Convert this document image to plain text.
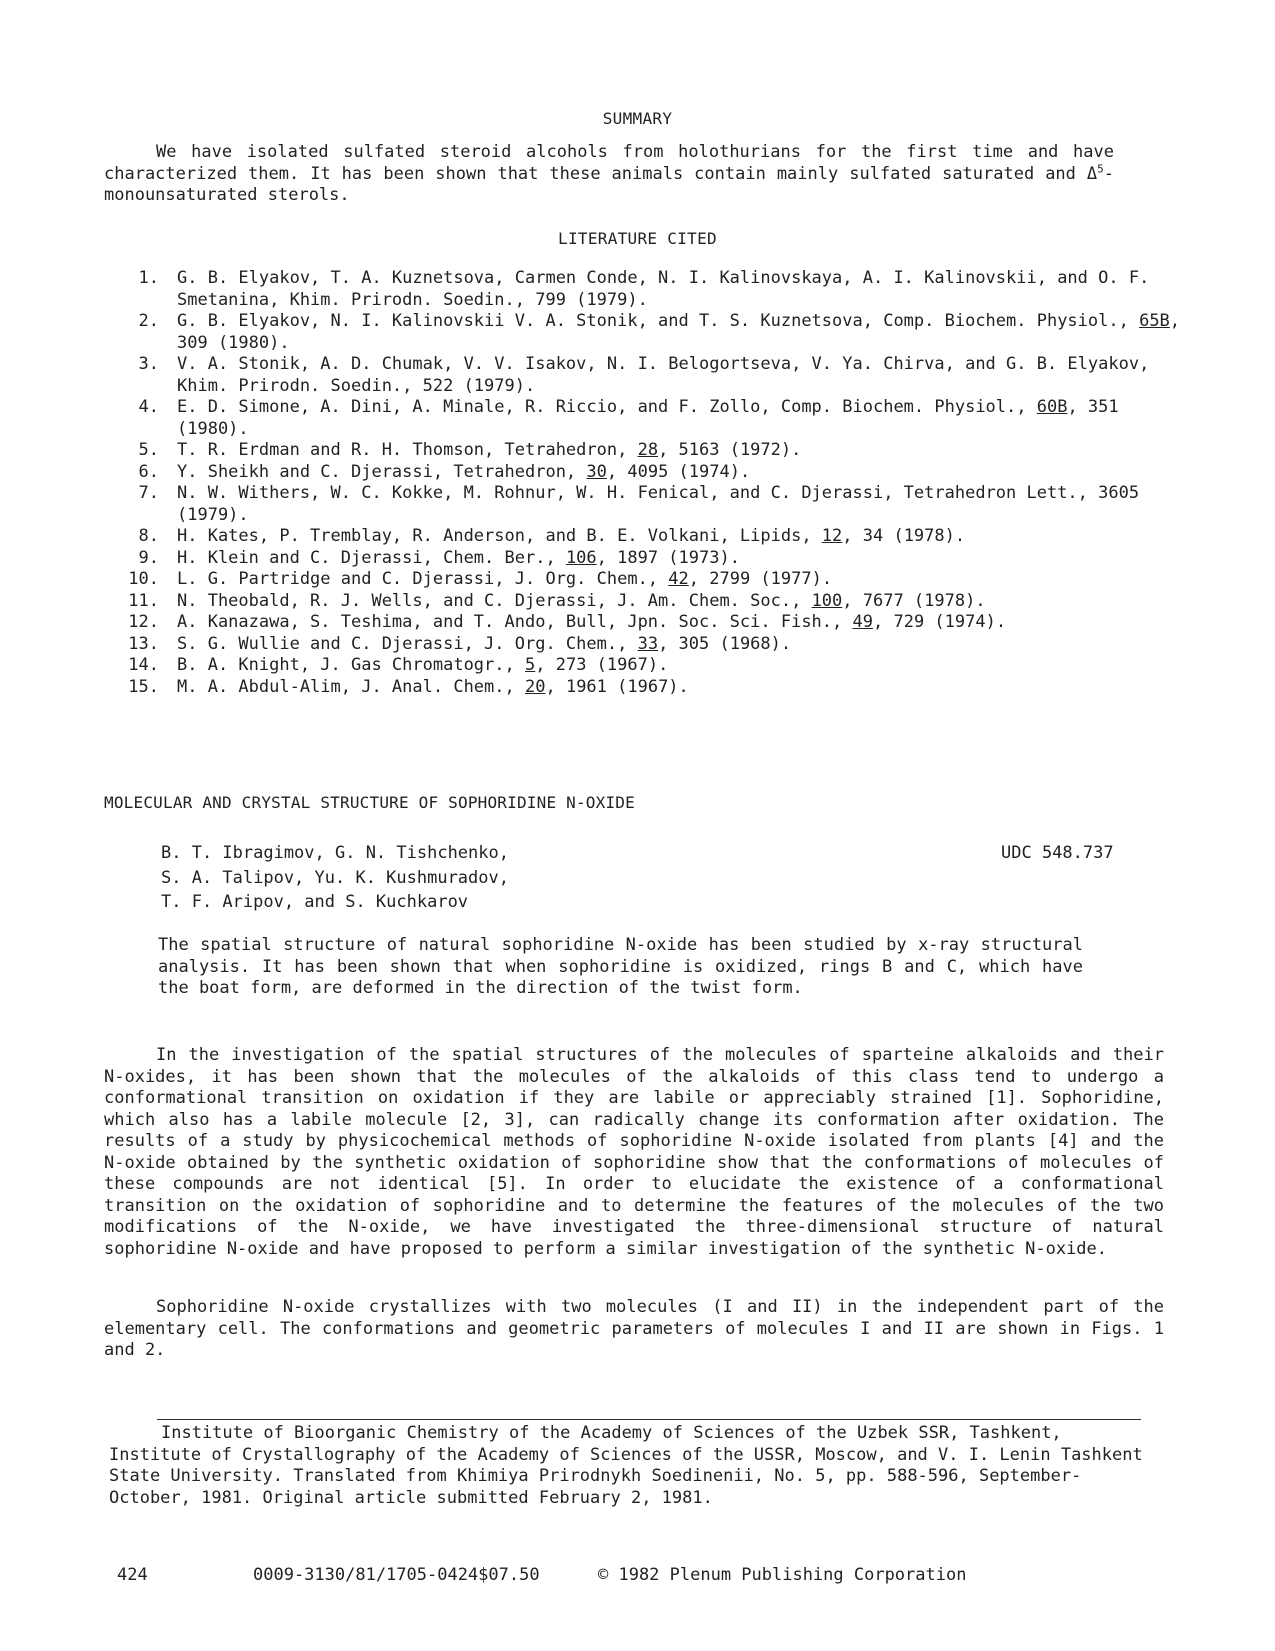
SUMMARY
We have isolated sulfated steroid alcohols from holothurians for the first time and have characterized them. It has been shown that these animals contain mainly sulfated saturated and $\Delta^5$-monounsaturated sterols.
LITERATURE CITED
1.	G. B. Elyakov, T. A. Kuznetsova, Carmen Conde, N. I. Kalinovskaya, A. I. Kalinovskii, and O. F. Smetanina, Khim. Prirodn. Soedin., 799 (1979).
2.	G. B. Elyakov, N. I. Kalinovskii V. A. Stonik, and T. S. Kuznetsova, Comp. Biochem. Physiol., 65B, 309 (1980).
3.	V. A. Stonik, A. D. Chumak, V. V. Isakov, N. I. Belogortseva, V. Ya. Chirva, and G. B. Elyakov, Khim. Prirodn. Soedin., 522 (1979).
4.	E. D. Simone, A. Dini, A. Minale, R. Riccio, and F. Zollo, Comp. Biochem. Physiol., 60B, 351 (1980).
5.	T. R. Erdman and R. H. Thomson, Tetrahedron, 28, 5163 (1972).
6.	Y. Sheikh and C. Djerassi, Tetrahedron, 30, 4095 (1974).
7.	N. W. Withers, W. C. Kokke, M. Rohnur, W. H. Fenical, and C. Djerassi, Tetrahedron Lett., 3605 (1979).
8.	H. Kates, P. Tremblay, R. Anderson, and B. E. Volkani, Lipids, 12, 34 (1978).
9.	H. Klein and C. Djerassi, Chem. Ber., 106, 1897 (1973).
10.	L. G. Partridge and C. Djerassi, J. Org. Chem., 42, 2799 (1977).
11.	N. Theobald, R. J. Wells, and C. Djerassi, J. Am. Chem. Soc., 100, 7677 (1978).
12.	A. Kanazawa, S. Teshima, and T. Ando, Bull, Jpn. Soc. Sci. Fish., 49, 729 (1974).
13.	S. G. Wullie and C. Djerassi, J. Org. Chem., 33, 305 (1968).
14.	B. A. Knight, J. Gas Chromatogr., 5, 273 (1967).
15.	M. A. Abdul-Alim, J. Anal. Chem., 20, 1961 (1967).
MOLECULAR AND CRYSTAL STRUCTURE OF SOPHORIDINE N-OXIDE
B. T. Ibragimov, G. N. Tishchenko,
S. A. Talipov, Yu. K. Kushmuradov,
T. F. Aripov, and S. Kuchkarov
UDC 548.737
The spatial structure of natural sophoridine N-oxide has been studied by x-ray structural analysis. It has been shown that when sophoridine is oxidized, rings B and C, which have the boat form, are deformed in the direction of the twist form.
In the investigation of the spatial structures of the molecules of sparteine alkaloids and their N-oxides, it has been shown that the molecules of the alkaloids of this class tend to undergo a conformational transition on oxidation if they are labile or appreciably strained [1]. Sophoridine, which also has a labile molecule [2, 3], can radically change its conformation after oxidation. The results of a study by physicochemical methods of sophoridine N-oxide isolated from plants [4] and the N-oxide obtained by the synthetic oxidation of sophoridine show that the conformations of molecules of these compounds are not identical [5]. In order to elucidate the existence of a conformational transition on the oxidation of sophoridine and to determine the features of the molecules of the two modifications of the N-oxide, we have investigated the three-dimensional structure of natural sophoridine N-oxide and have proposed to perform a similar investigation of the synthetic N-oxide.
Sophoridine N-oxide crystallizes with two molecules (I and II) in the independent part of the elementary cell. The conformations and geometric parameters of molecules I and II are shown in Figs. 1 and 2.
Institute of Bioorganic Chemistry of the Academy of Sciences of the Uzbek SSR, Tashkent, Institute of Crystallography of the Academy of Sciences of the USSR, Moscow, and V. I. Lenin Tashkent State University. Translated from Khimiya Prirodnykh Soedinenii, No. 5, pp. 588-596, September-October, 1981. Original article submitted February 2, 1981.
424	0009-3130/81/1705-0424$07.50	© 1982 Plenum Publishing Corporation
